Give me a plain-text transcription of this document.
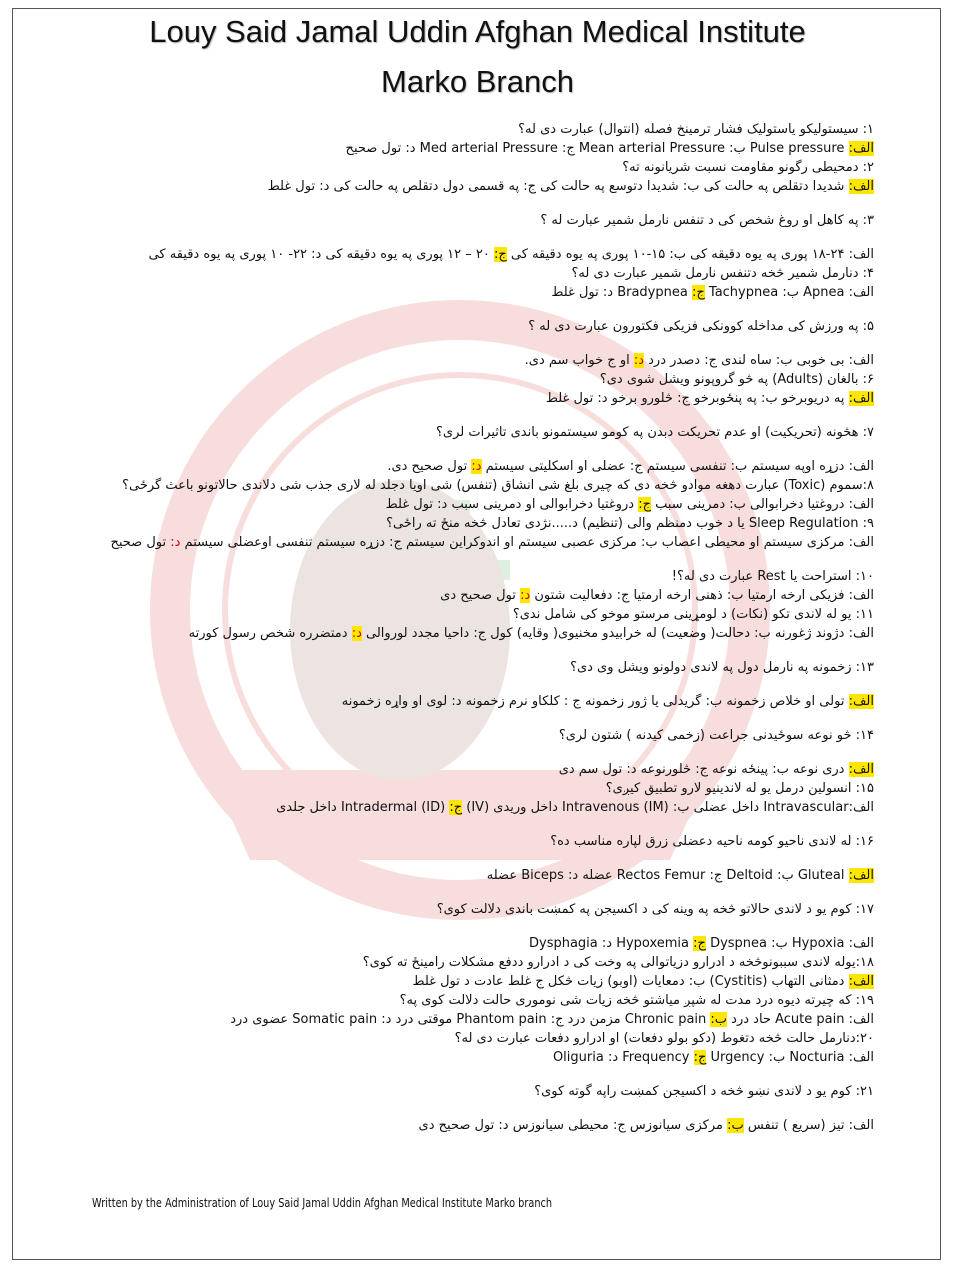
Louy Said Jamal Uddin Afghan Medical Institute
Marko Branch
۱: سیستولیکو یاستولیک فشار ترمینخ فصله (انتوال) عبارت دی له؟
الف: Pulse pressure ب: Mean arterial Pressure ج: Med arterial Pressure د: تول صحیح
۲: دمحیطی رگونو مقاومت نسبت شریانونه ته؟
الف: شدیدا دتقلص په حالت کی ب: شدیدا دتوسع په حالت کی ج: په قسمی دول دتقلص په حالت کی د: تول غلط
۳: په کاهل او روغ شخص کی د تنفس نارمل شمیر عبارت له ؟
الف: ۲۴-۱۸ پوری په یوه دقیقه کی ب: ۱۵-۱۰ پوری په یوه دقیقه کی ج: ۲۰ – ۱۲ پوری په یوه دقیقه کی د: ۲۲- ۱۰ پوری په یوه دقیقه کی
۴: دنارمل شمیر څخه دتنفس نارمل شمیر عبارت دی له؟
الف: Apnea ب: Tachypnea ج: Bradypnea د: تول غلط
۵: په ورزش کی مداخله کوونکی فزیکی فکتورون عبارت دی له ؟
الف: بی خوبی ب: ساه لندی ج: دصدر درد د: او ج خواب سم دی.
۶: بالغان (Adults) په څو گروپونو ویشل شوی دی؟
الف: په دریوبرخو ب: په پنځوبرخو ج: څلورو برخو د: تول غلط
۷: هڅونه (تحریکیت) او عدم تحریکت دبدن په کومو سیستمونو باندی تاثیرات لری؟
الف: دزړه اوپه سیستم ب: تنفسی سیستم ج: عضلی او اسکلیتی سیستم د: تول صحیح دی.
۸:سموم (Toxic) عبارت دهغه موادو څخه دی که چیری بلغ شی انشاق (تنفس) شی اویا دجلد له لاری جذب شی دلاندی حالاتونو باعث گرځی؟
الف: دروغتیا دخرابوالی ب: دمرینی سبب ج: دروغتیا دخرابوالی او دمرینی سبب د: تول غلط
۹: Sleep Regulation یا د خوب دمنظم والی (تنظیم) د.....نژدی تعادل څخه منځ ته راځی؟
الف: مرکزی سیستم او محیطی اعصاب ب: مرکزی عصبی سیستم او اندوکراین سیستم ج: دزړه سیستم تنفسی اوعضلی سیستم د: تول صحیح
۱۰: استراحت یا Rest عبارت دی له؟!
الف: فزیکی ارخه ارمتیا ب: ذهنی ارخه ارمتیا ج: دفعالیت شتون د: تول صحیح دی
۱۱: یو له لاندی تکو (نکات) د لومړینی مرستو موخو کی شامل ندی؟
الف: دژوند ژغورنه ب: دحالت( وضعیت) له خرابیدو مخنیوی( وقایه) کول ج: داحیا مجدد لوروالی د: دمتضرره شخص رسول کورته
۱۳: زخمونه په نارمل دول په لاندی دولونو ویشل وی دی؟
الف: تولی او خلاص زخمونه ب: گریدلی یا ژور زخمونه ج : کلکاو نرم زخمونه د: لوی او واړه زخمونه
۱۴: څو نوعه سوځیدنی جراعت (زخمی کیدنه ) شتون لری؟
الف: دری نوعه ب: پینځه نوعه ج: څلورنوعه د: تول سم دی
۱۵: انسولین درمل یو له لاندینیو لارو تطبیق کیږی؟
الف:Intravascular داخل عضلی ب: (IM) Intravenous داخل وریدی (IV) ج: Intradermal (ID) داخل جلدی
۱۶: له لاندی ناحیو کومه ناحیه دعضلی زرق لپاره مناسب ده؟
الف: Gluteal ب: Deltoid ج: Rectos Femur عضله د: Biceps عضله
۱۷: کوم یو د لاندی حالاتو څخه په وینه کی د اکسیجن په کمښت باندی دلالت کوی؟
الف: Hypoxia ب: Dyspnea ج: Hypoxemia د: Dysphagia
۱۸:یوله لاندی سببونوڅخه د ادرارو دزیاتوالی په وخت کی د ادرارو ددفع مشکلات رامینځ ته کوی؟
الف: دمثانی التهاب (Cystitis) ب: دمعایات (اوبو) زیات څکل ج غلط عادت د تول غلط
۱۹: که چیرته دیوه درد مدت له شپږ میاشتو څخه زیات شی نوموری حالت دلالت کوی په؟
الف: Acute pain حاد درد ب: Chronic pain مزمن درد ج: Phantom pain موقتی درد د: Somatic pain عضوی درد
۲۰:دنارمل حالت څخه دتغوط (دکو بولو دفعات) او ادرارو دفعات عبارت دی له؟
الف: Nocturia ب: Urgency ج: Frequency د: Oliguria
۲۱: کوم یو د لاندی نښو څخه د اکسیجن کمښت راپه گوته کوی؟
الف: تیز (سریع ) تنفس ب: مرکزی سیانوزس ج: محیطی سیانوزس د: تول صحیح دی
Written by the Administration of Louy Said Jamal Uddin Afghan Medical Institute Marko branch
